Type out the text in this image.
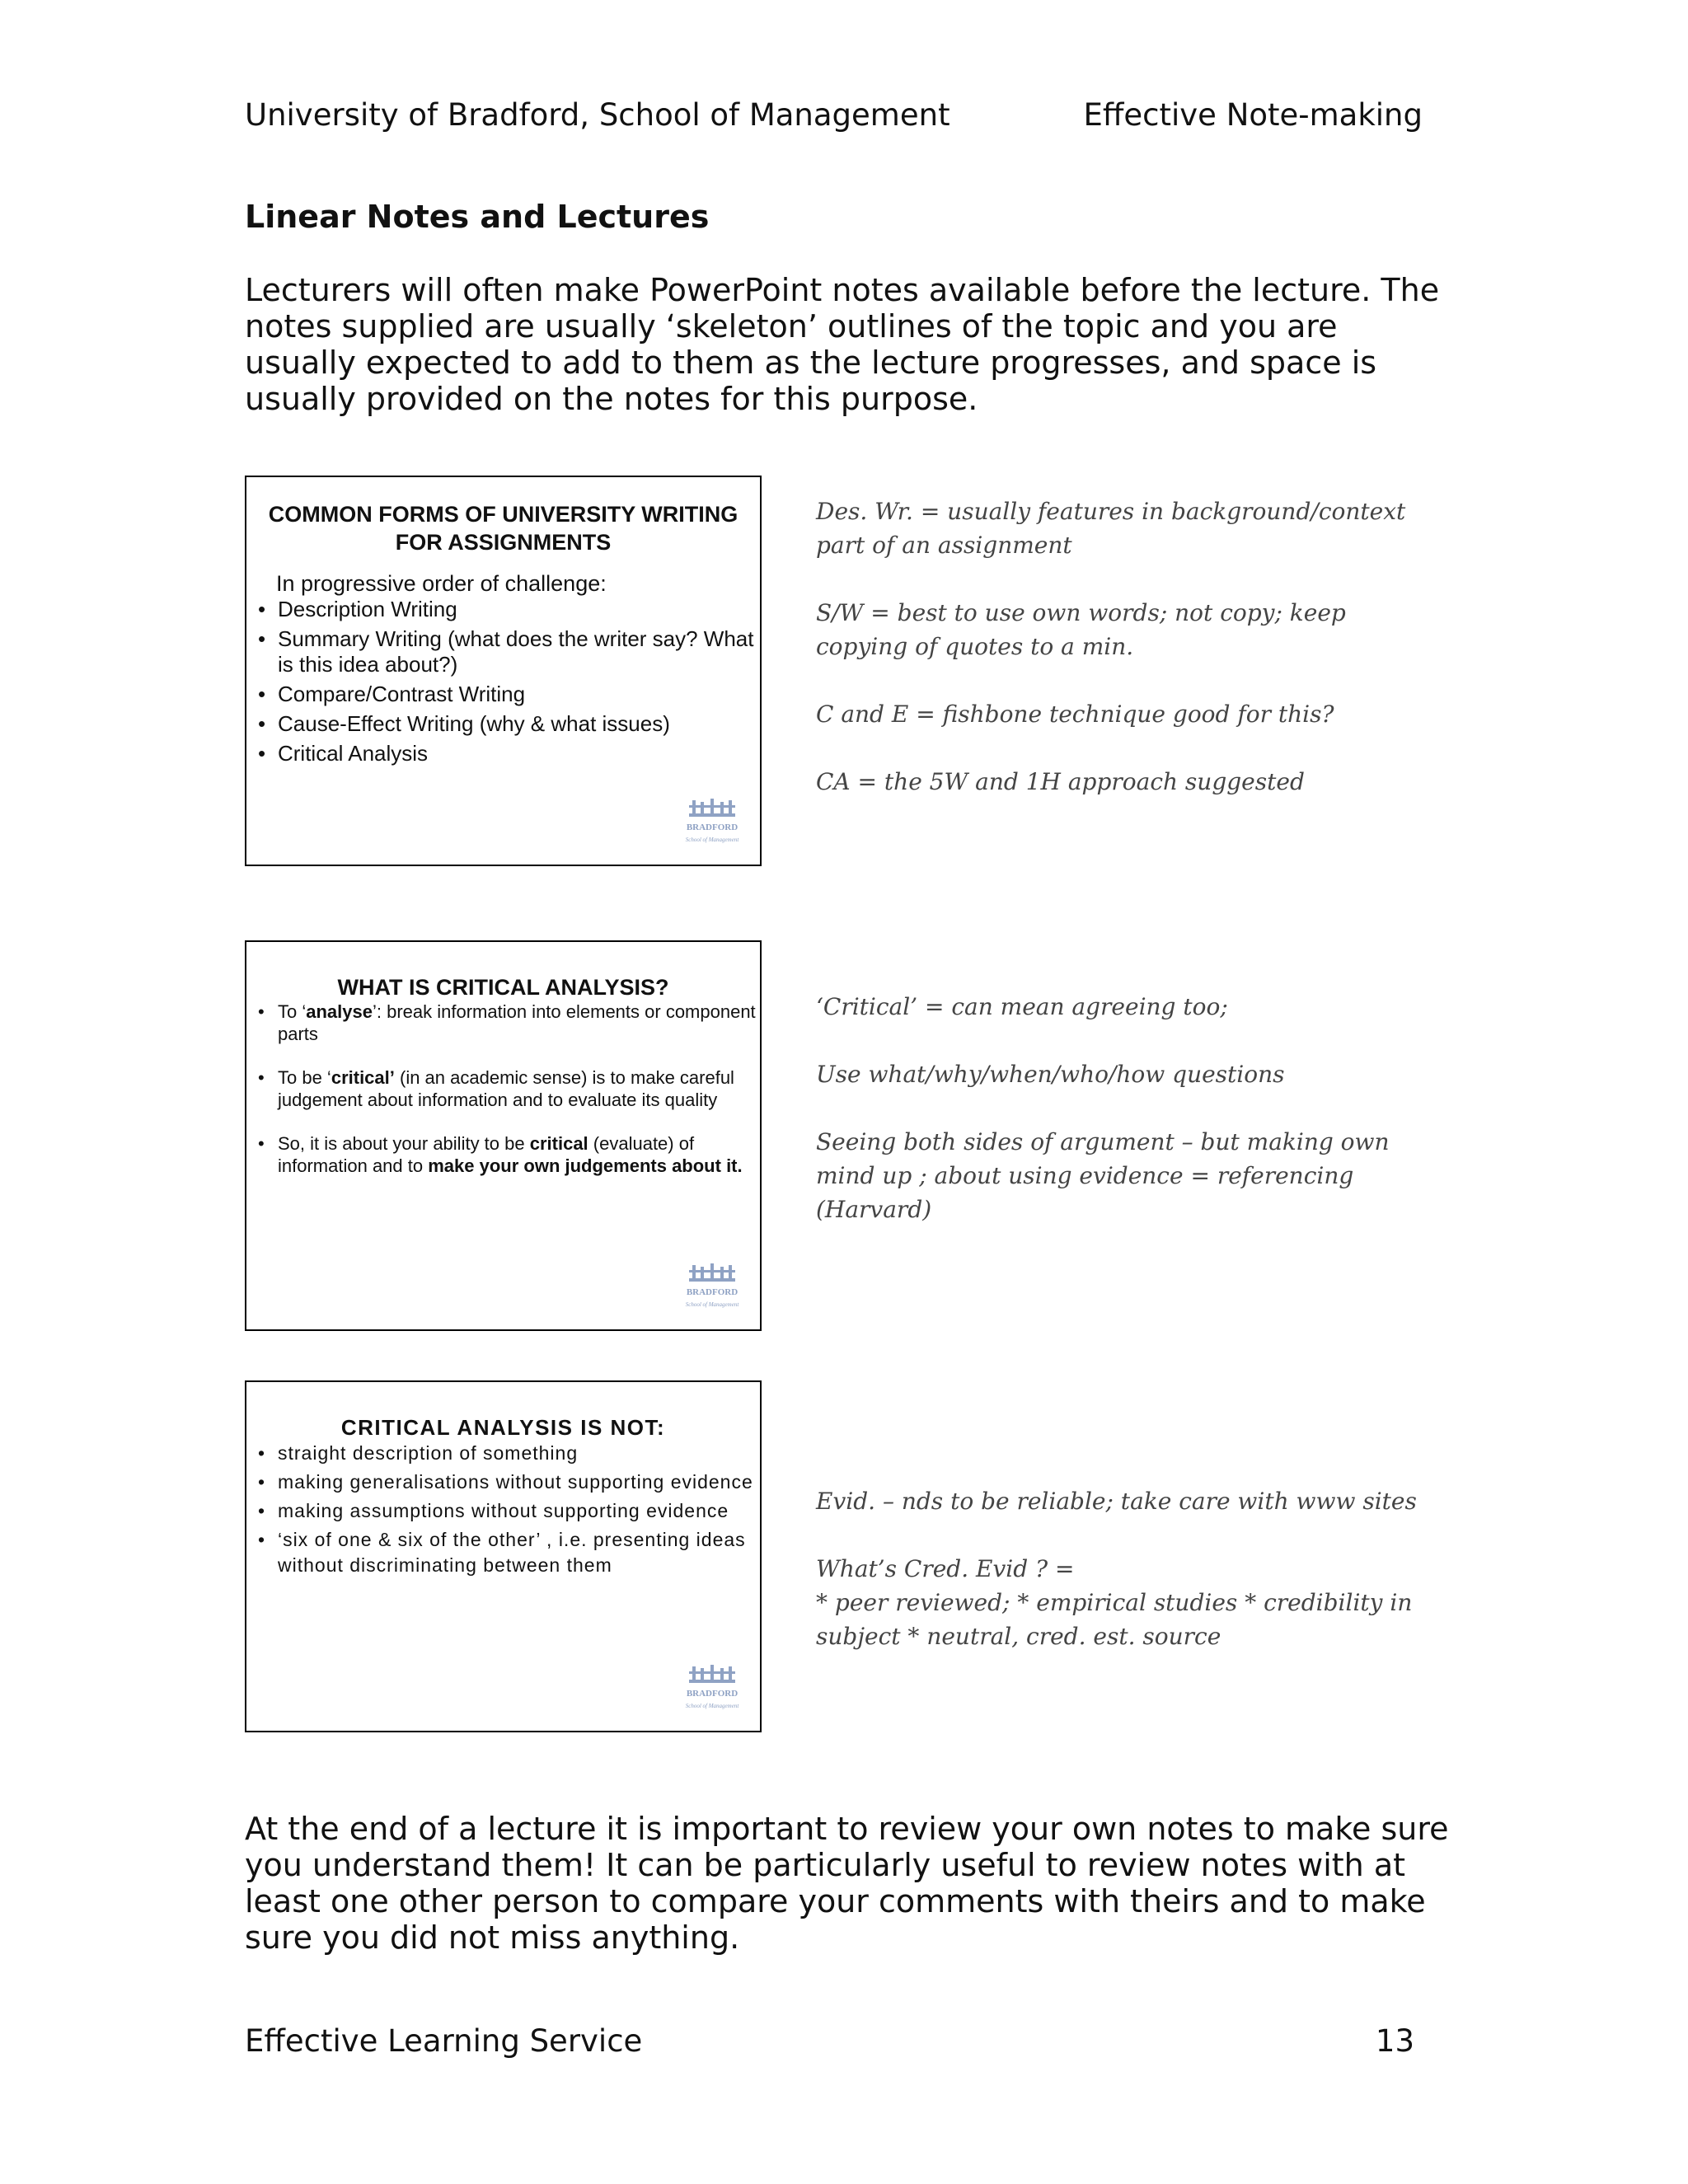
University of Bradford, School of Management	Effective Note-making
Linear Notes and Lectures
Lecturers will often make PowerPoint notes available before the lecture. The notes supplied are usually ‘skeleton’ outlines of the topic and you are usually expected to add to them as the lecture progresses, and space is usually provided on the notes for this purpose.
COMMON FORMS OF UNIVERSITY WRITING FOR ASSIGNMENTS
In progressive order of challenge:
• Description Writing
• Summary Writing (what does the writer say? What is this idea about?)
• Compare/Contrast Writing
• Cause-Effect Writing (why & what issues)
• Critical Analysis
BRADFORD
School of Management

Des. Wr. = usually features in background/context part of an assignment

S/W = best to use own words; not copy; keep copying of quotes to a min.

C and E = fishbone technique good for this?

CA = the 5W and 1H approach suggested

WHAT IS CRITICAL ANALYSIS?
• To ‘analyse’: break information into elements or component parts
• To be ‘critical’ (in an academic sense) is to make careful judgement about information and to evaluate its quality
• So, it is about your ability to be critical (evaluate) of information and to make your own judgements about it.
BRADFORD
School of Management

‘Critical’ = can mean agreeing too;

Use what/why/when/who/how questions

Seeing both sides of argument – but making own mind up ; about using evidence = referencing (Harvard)

CRITICAL ANALYSIS IS NOT:
• straight description of something
• making generalisations without supporting evidence
• making assumptions without supporting evidence
• ‘six of one & six of the other’ , i.e. presenting ideas without discriminating between them
BRADFORD
School of Management

Evid. – nds to be reliable; take care with www sites

What’s Cred. Evid ? =

* peer reviewed; * empirical studies * credibility in subject * neutral, cred. est. source

At the end of a lecture it is important to review your own notes to make sure you understand them! It can be particularly useful to review notes with at least one other person to compare your comments with theirs and to make sure you did not miss anything.
Effective Learning Service	13
